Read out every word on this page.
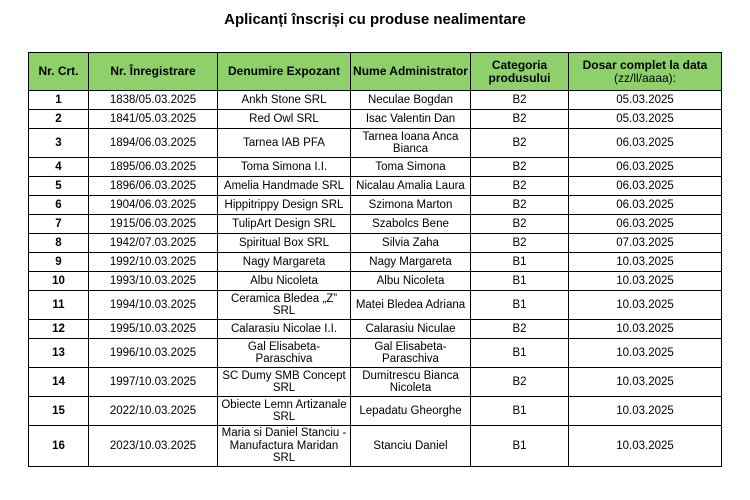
Aplicanți înscriși cu produse nealimentare
Nr. Crt.	Nr. Înregistrare	Denumire Expozant	Nume Administrator	Categoria produsului	Dosar complet la data (zz/ll/aaaa):
1	1838/05.03.2025	Ankh Stone SRL	Neculae Bogdan	B2	05.03.2025
2	1841/05.03.2025	Red Owl SRL	Isac Valentin Dan	B2	05.03.2025
3	1894/06.03.2025	Tarnea IAB PFA	Tarnea Ioana Anca Bianca	B2	06.03.2025
4	1895/06.03.2025	Toma Simona I.I.	Toma Simona	B2	06.03.2025
5	1896/06.03.2025	Amelia Handmade SRL	Nicalau Amalia Laura	B2	06.03.2025
6	1904/06.03.2025	Hippitrippy Design SRL	Szimona Marton	B2	06.03.2025
7	1915/06.03.2025	TulipArt Design SRL	Szabolcs Bene	B2	06.03.2025
8	1942/07.03.2025	Spiritual Box SRL	Silvia Zaha	B2	07.03.2025
9	1992/10.03.2025	Nagy Margareta	Nagy Margareta	B1	10.03.2025
10	1993/10.03.2025	Albu Nicoleta	Albu Nicoleta	B1	10.03.2025
11	1994/10.03.2025	Ceramica Bledea „Z” SRL	Matei Bledea Adriana	B1	10.03.2025
12	1995/10.03.2025	Calarasiu Nicolae I.I.	Calarasiu Niculae	B2	10.03.2025
13	1996/10.03.2025	Gal Elisabeta-Paraschiva	Gal Elisabeta-Paraschiva	B1	10.03.2025
14	1997/10.03.2025	SC Dumy SMB Concept SRL	Dumitrescu Bianca Nicoleta	B2	10.03.2025
15	2022/10.03.2025	Obiecte Lemn Artizanale SRL	Lepadatu Gheorghe	B1	10.03.2025
16	2023/10.03.2025	Maria si Daniel Stanciu - Manufactura Maridan SRL	Stanciu Daniel	B1	10.03.2025
